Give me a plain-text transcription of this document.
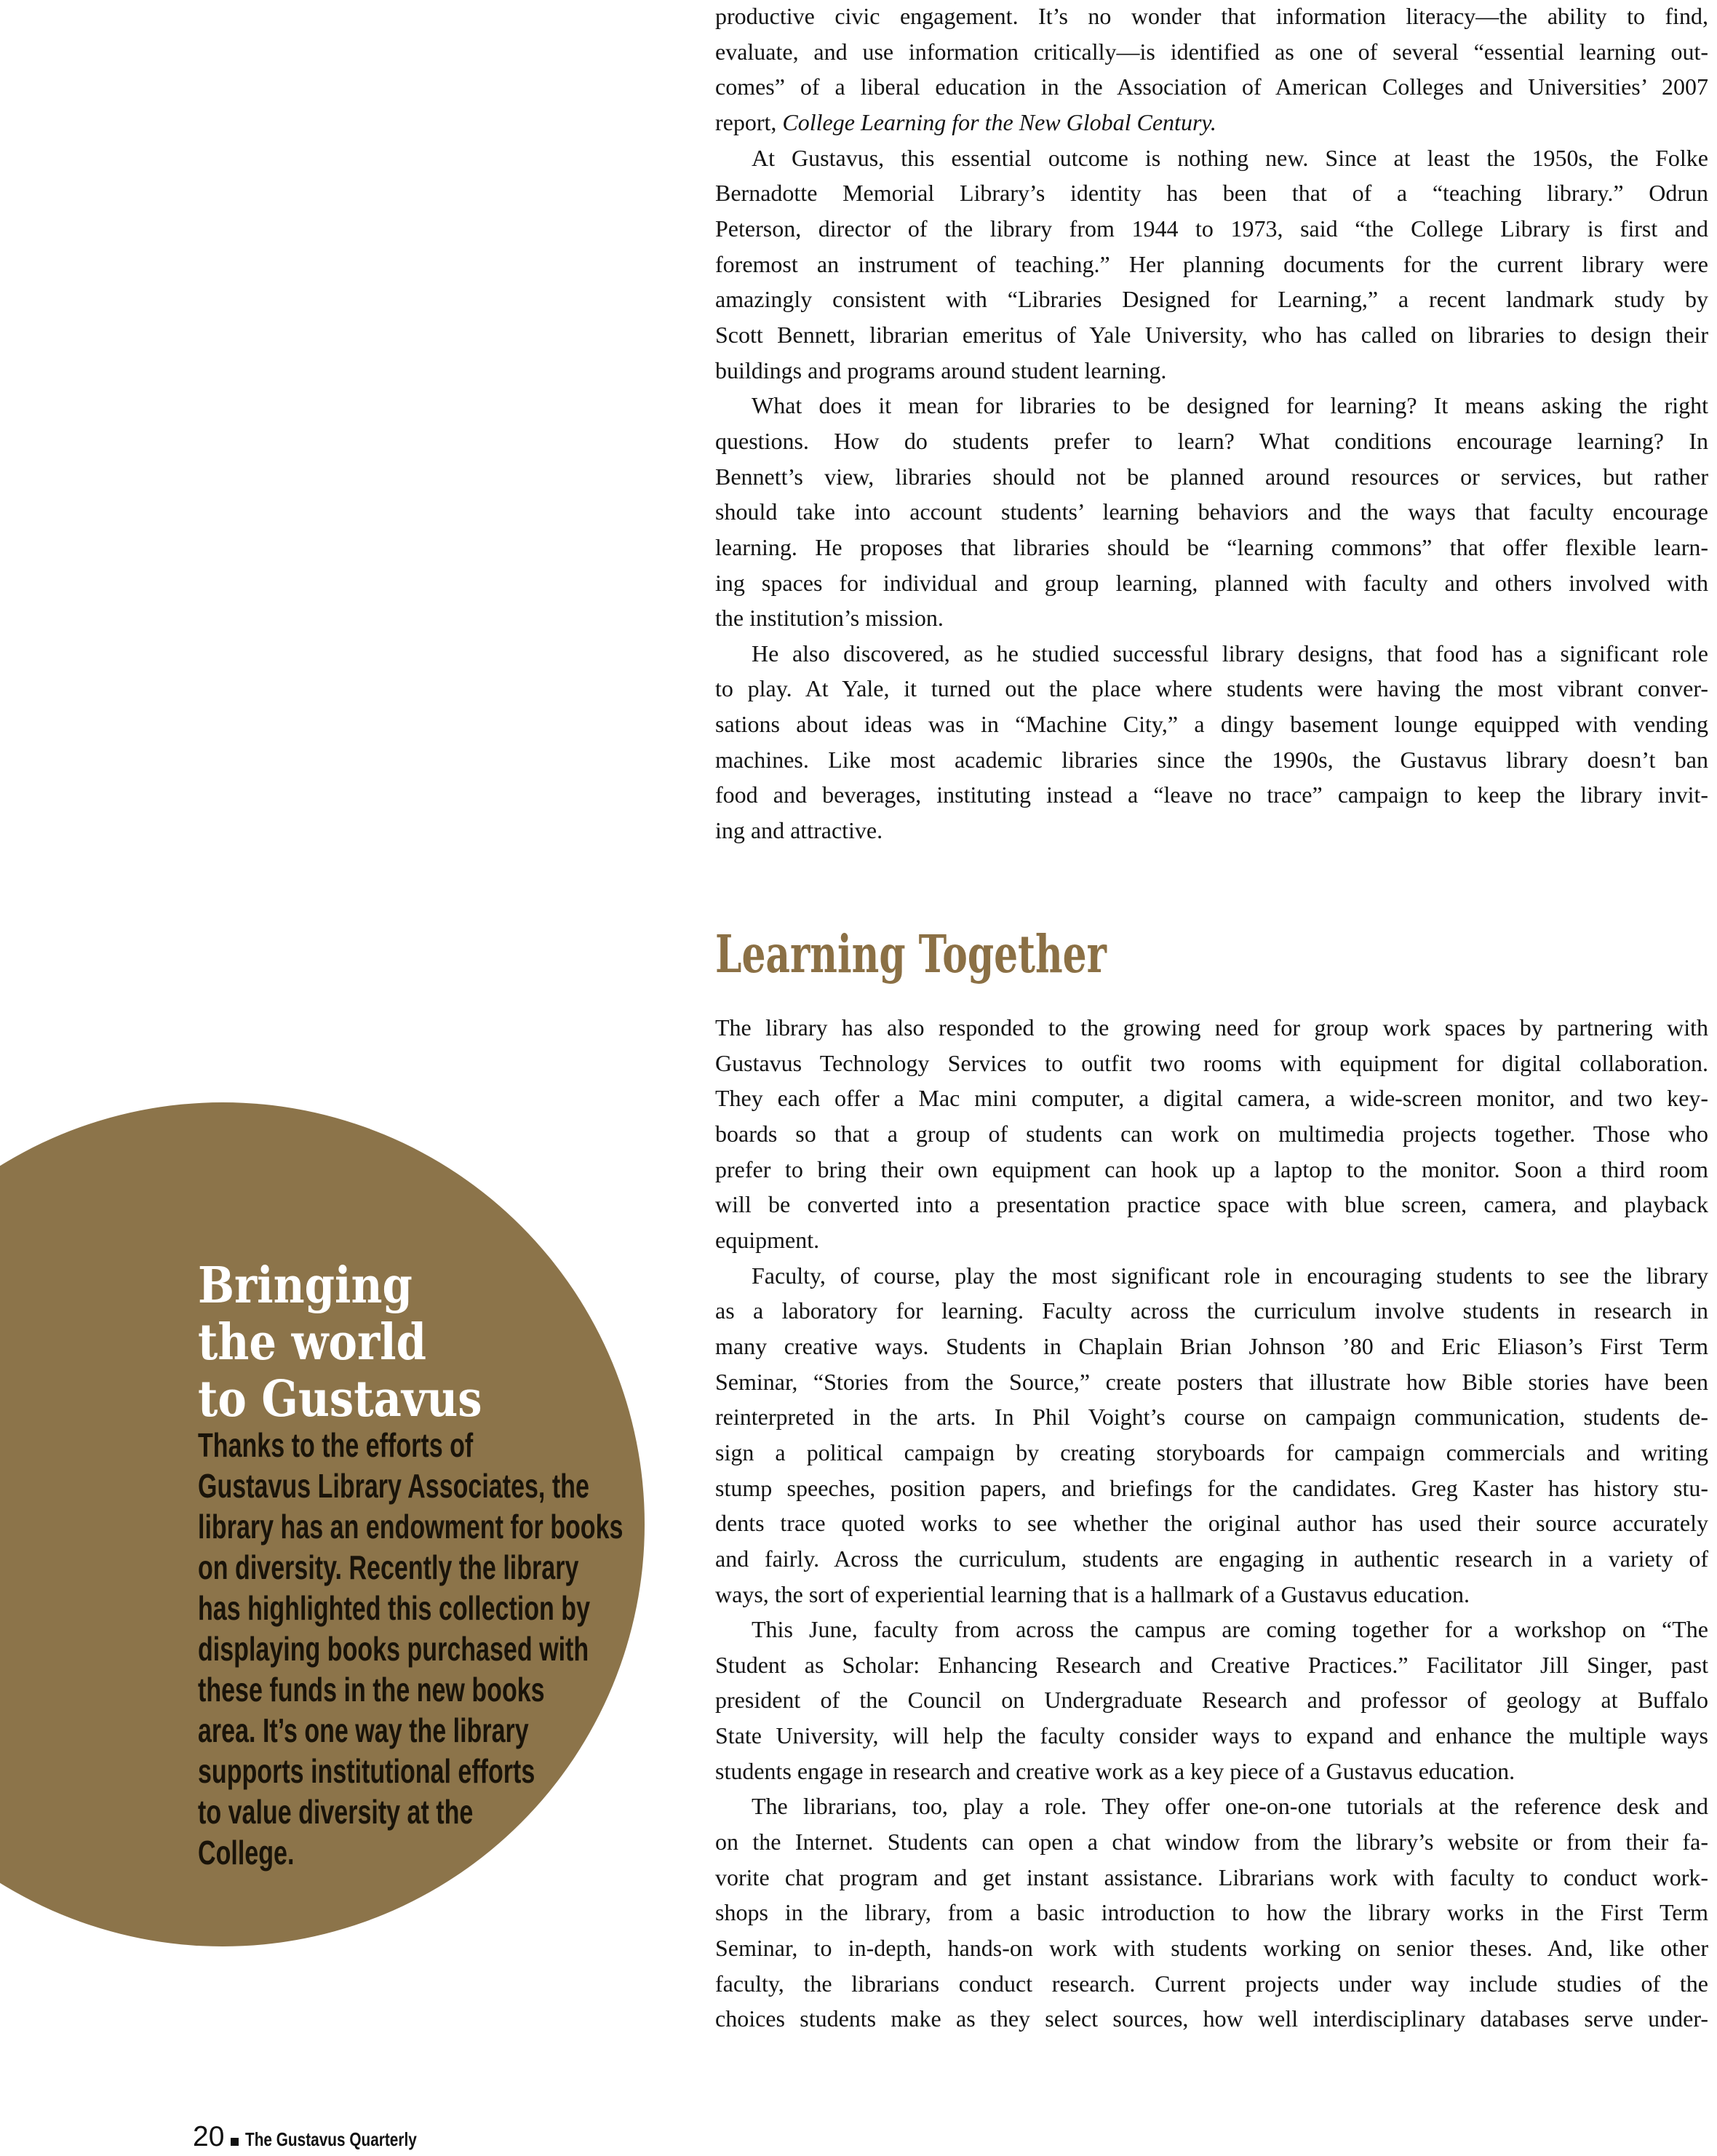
Bringing
the world
to Gustavus
Thanks to the efforts of
Gustavus Library Associates, the
library has an endowment for books
on diversity. Recently the library
has highlighted this collection by
displaying books purchased with
these funds in the new books
area. It’s one way the library
supports institutional efforts
to value diversity at the
College.
productive civic engagement. It’s no wonder that information literacy—the ability to find,
evaluate, and use information critically—is identified as one of several “essential learning out-
comes” of a liberal education in the Association of American Colleges and Universities’ 2007
report, College Learning for the New Global Century.
At Gustavus, this essential outcome is nothing new. Since at least the 1950s, the Folke
Bernadotte Memorial Library’s identity has been that of a “teaching library.” Odrun
Peterson, director of the library from 1944 to 1973, said “the College Library is first and
foremost an instrument of teaching.” Her planning documents for the current library were
amazingly consistent with “Libraries Designed for Learning,” a recent landmark study by
Scott Bennett, librarian emeritus of Yale University, who has called on libraries to design their
buildings and programs around student learning.
What does it mean for libraries to be designed for learning? It means asking the right
questions. How do students prefer to learn? What conditions encourage learning? In
Bennett’s view, libraries should not be planned around resources or services, but rather
should take into account students’ learning behaviors and the ways that faculty encourage
learning. He proposes that libraries should be “learning commons” that offer flexible learn-
ing spaces for individual and group learning, planned with faculty and others involved with
the institution’s mission.
He also discovered, as he studied successful library designs, that food has a significant role
to play. At Yale, it turned out the place where students were having the most vibrant conver-
sations about ideas was in “Machine City,” a dingy basement lounge equipped with vending
machines. Like most academic libraries since the 1990s, the Gustavus library doesn’t ban
food and beverages, instituting instead a “leave no trace” campaign to keep the library invit-
ing and attractive.
Learning Together
The library has also responded to the growing need for group work spaces by partnering with
Gustavus Technology Services to outfit two rooms with equipment for digital collaboration.
They each offer a Mac mini computer, a digital camera, a wide-screen monitor, and two key-
boards so that a group of students can work on multimedia projects together. Those who
prefer to bring their own equipment can hook up a laptop to the monitor. Soon a third room
will be converted into a presentation practice space with blue screen, camera, and playback
equipment.
Faculty, of course, play the most significant role in encouraging students to see the library
as a laboratory for learning. Faculty across the curriculum involve students in research in
many creative ways. Students in Chaplain Brian Johnson ’80 and Eric Eliason’s First Term
Seminar, “Stories from the Source,” create posters that illustrate how Bible stories have been
reinterpreted in the arts. In Phil Voight’s course on campaign communication, students de-
sign a political campaign by creating storyboards for campaign commercials and writing
stump speeches, position papers, and briefings for the candidates. Greg Kaster has history stu-
dents trace quoted works to see whether the original author has used their source accurately
and fairly. Across the curriculum, students are engaging in authentic research in a variety of
ways, the sort of experiential learning that is a hallmark of a Gustavus education.
This June, faculty from across the campus are coming together for a workshop on “The
Student as Scholar: Enhancing Research and Creative Practices.” Facilitator Jill Singer, past
president of the Council on Undergraduate Research and professor of geology at Buffalo
State University, will help the faculty consider ways to expand and enhance the multiple ways
students engage in research and creative work as a key piece of a Gustavus education.
The librarians, too, play a role. They offer one-on-one tutorials at the reference desk and
on the Internet. Students can open a chat window from the library’s website or from their fa-
vorite chat program and get instant assistance. Librarians work with faculty to conduct work-
shops in the library, from a basic introduction to how the library works in the First Term
Seminar, to in-depth, hands-on work with students working on senior theses. And, like other
faculty, the librarians conduct research. Current projects under way include studies of the
choices students make as they select sources, how well interdisciplinary databases serve under-
20 The Gustavus Quarterly
